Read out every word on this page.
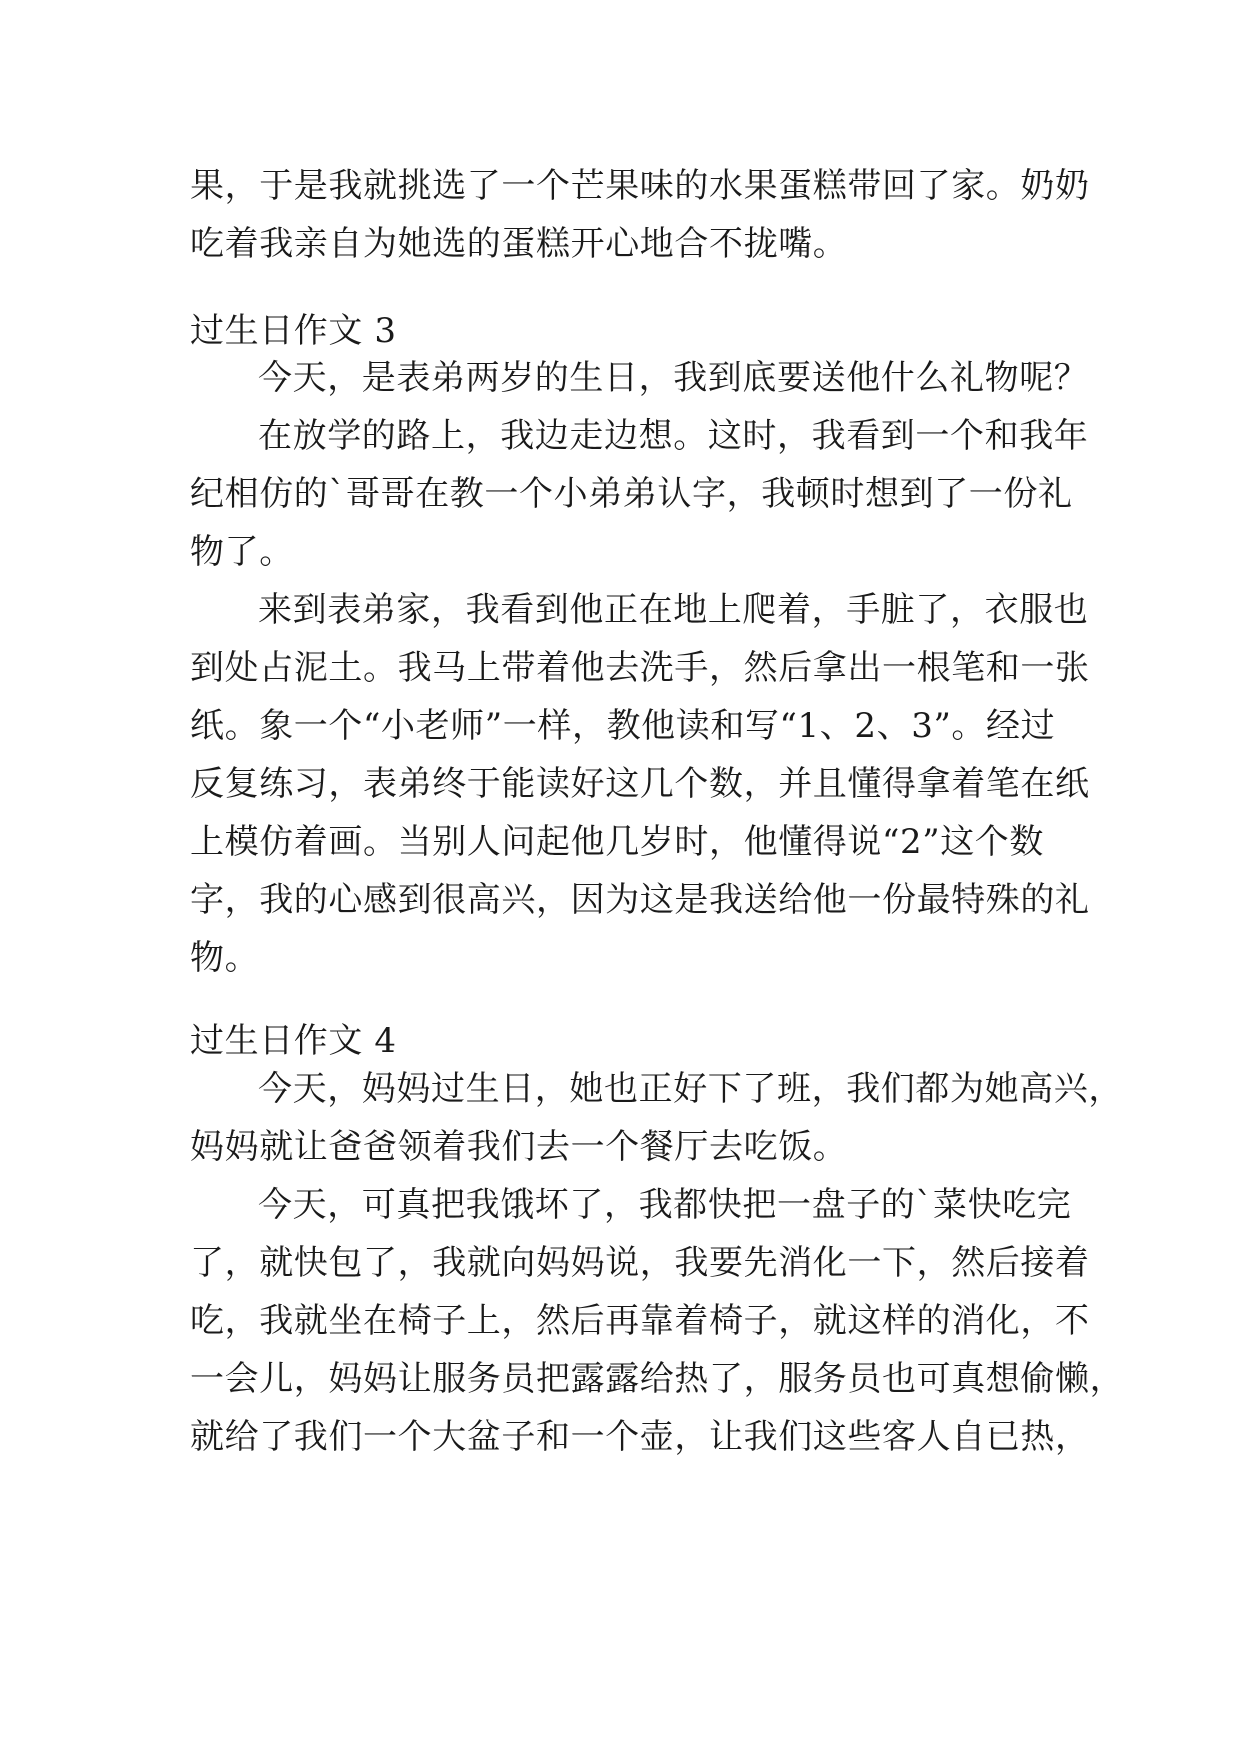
果，于是我就挑选了一个芒果味的水果蛋糕带回了家。奶奶
吃着我亲自为她选的蛋糕开心地合不拢嘴。
过生日作文 3
今天，是表弟两岁的生日，我到底要送他什么礼物呢？
在放学的路上，我边走边想。这时，我看到一个和我年
纪相仿的`哥哥在教一个小弟弟认字，我顿时想到了一份礼
物了。
来到表弟家，我看到他正在地上爬着，手脏了，衣服也
到处占泥土。我马上带着他去洗手，然后拿出一根笔和一张
纸。象一个“小老师”一样，教他读和写“1、2、3”。经过
反复练习，表弟终于能读好这几个数，并且懂得拿着笔在纸
上模仿着画。当别人问起他几岁时，他懂得说“2”这个数
字，我的心感到很高兴，因为这是我送给他一份最特殊的礼
物。
过生日作文 4
今天，妈妈过生日，她也正好下了班，我们都为她高兴，
妈妈就让爸爸领着我们去一个餐厅去吃饭。
今天，可真把我饿坏了，我都快把一盘子的`菜快吃完
了，就快包了，我就向妈妈说，我要先消化一下，然后接着
吃，我就坐在椅子上，然后再靠着椅子，就这样的消化，不
一会儿，妈妈让服务员把露露给热了，服务员也可真想偷懒，
就给了我们一个大盆子和一个壶，让我们这些客人自已热，
